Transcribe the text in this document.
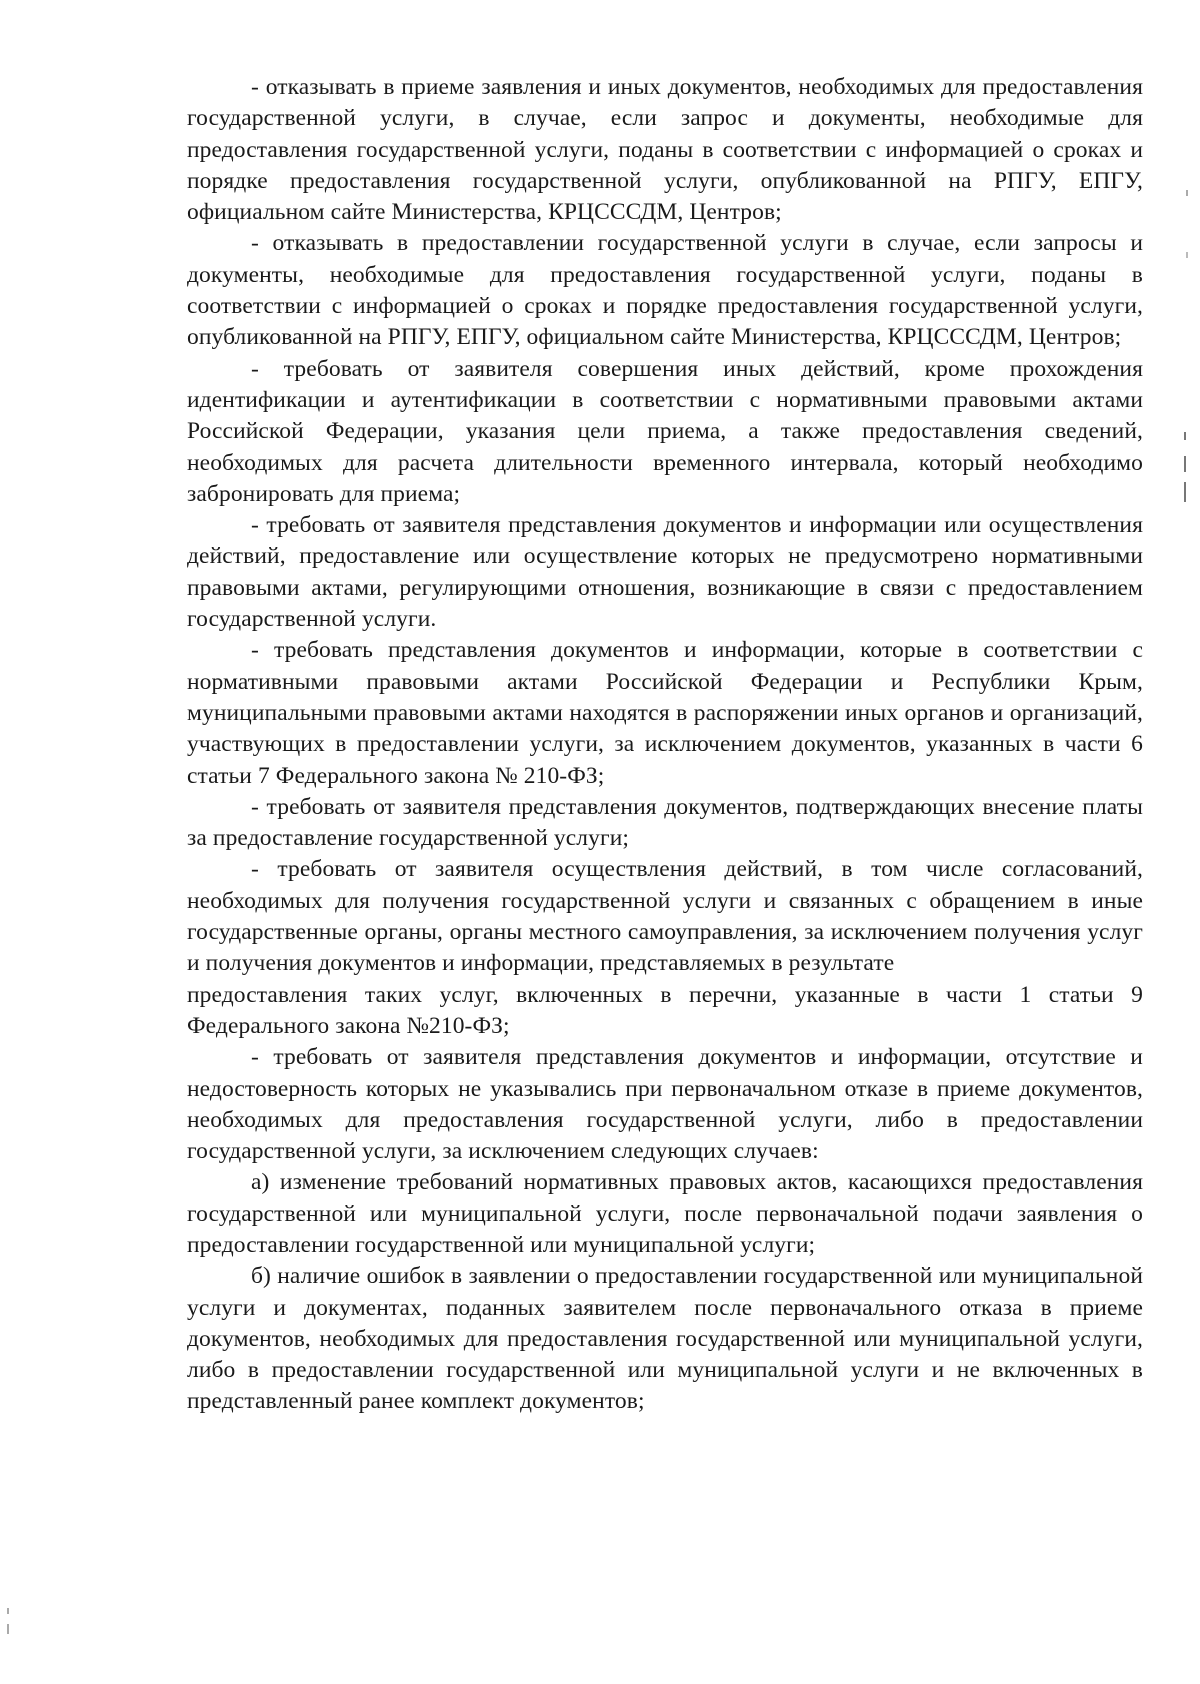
- отказывать в приеме заявления и иных документов, необходимых для предоставления государственной услуги, в случае, если запрос и документы, необходимые для предоставления государственной услуги, поданы в соответствии с информацией о сроках и порядке предоставления государственной услуги, опубликованной на РПГУ, ЕПГУ, официальном сайте Министерства, КРЦСССДМ, Центров;

- отказывать в предоставлении государственной услуги в случае, если запросы и документы, необходимые для предоставления государственной услуги, поданы в соответствии с информацией о сроках и порядке предоставления государственной услуги, опубликованной на РПГУ, ЕПГУ, официальном сайте Министерства, КРЦСССДМ, Центров;

- требовать от заявителя совершения иных действий, кроме прохождения идентификации и аутентификации в соответствии с нормативными правовыми актами Российской Федерации, указания цели приема, а также предоставления сведений, необходимых для расчета длительности временного интервала, который необходимо забронировать для приема;

- требовать от заявителя представления документов и информации или осуществления действий, предоставление или осуществление которых не предусмотрено нормативными правовыми актами, регулирующими отношения, возникающие в связи с предоставлением государственной услуги.

- требовать представления документов и информации, которые в соответствии с нормативными правовыми актами Российской Федерации и Республики Крым, муниципальными правовыми актами находятся в распоряжении иных органов и организаций, участвующих в предоставлении услуги, за исключением документов, указанных в части 6 статьи 7 Федерального закона № 210-ФЗ;

- требовать от заявителя представления документов, подтверждающих внесение платы за предоставление государственной услуги;

- требовать от заявителя осуществления действий, в том числе согласований, необходимых для получения государственной услуги и связанных с обращением в иные государственные органы, органы местного самоуправления, за исключением получения услуг и получения документов и информации, представляемых в результате

предоставления таких услуг, включенных в перечни, указанные в части 1 статьи 9 Федерального закона №210-ФЗ;

- требовать от заявителя представления документов и информации, отсутствие и недостоверность которых не указывались при первоначальном отказе в приеме документов, необходимых для предоставления государственной услуги, либо в предоставлении государственной услуги, за исключением следующих случаев:

а) изменение требований нормативных правовых актов, касающихся предоставления государственной или муниципальной услуги, после первоначальной подачи заявления о предоставлении государственной или муниципальной услуги;

б) наличие ошибок в заявлении о предоставлении государственной или муниципальной услуги и документах, поданных заявителем после первоначального отказа в приеме документов, необходимых для предоставления государственной или муниципальной услуги, либо в предоставлении государственной или муниципальной услуги и не включенных в представленный ранее комплект документов;
